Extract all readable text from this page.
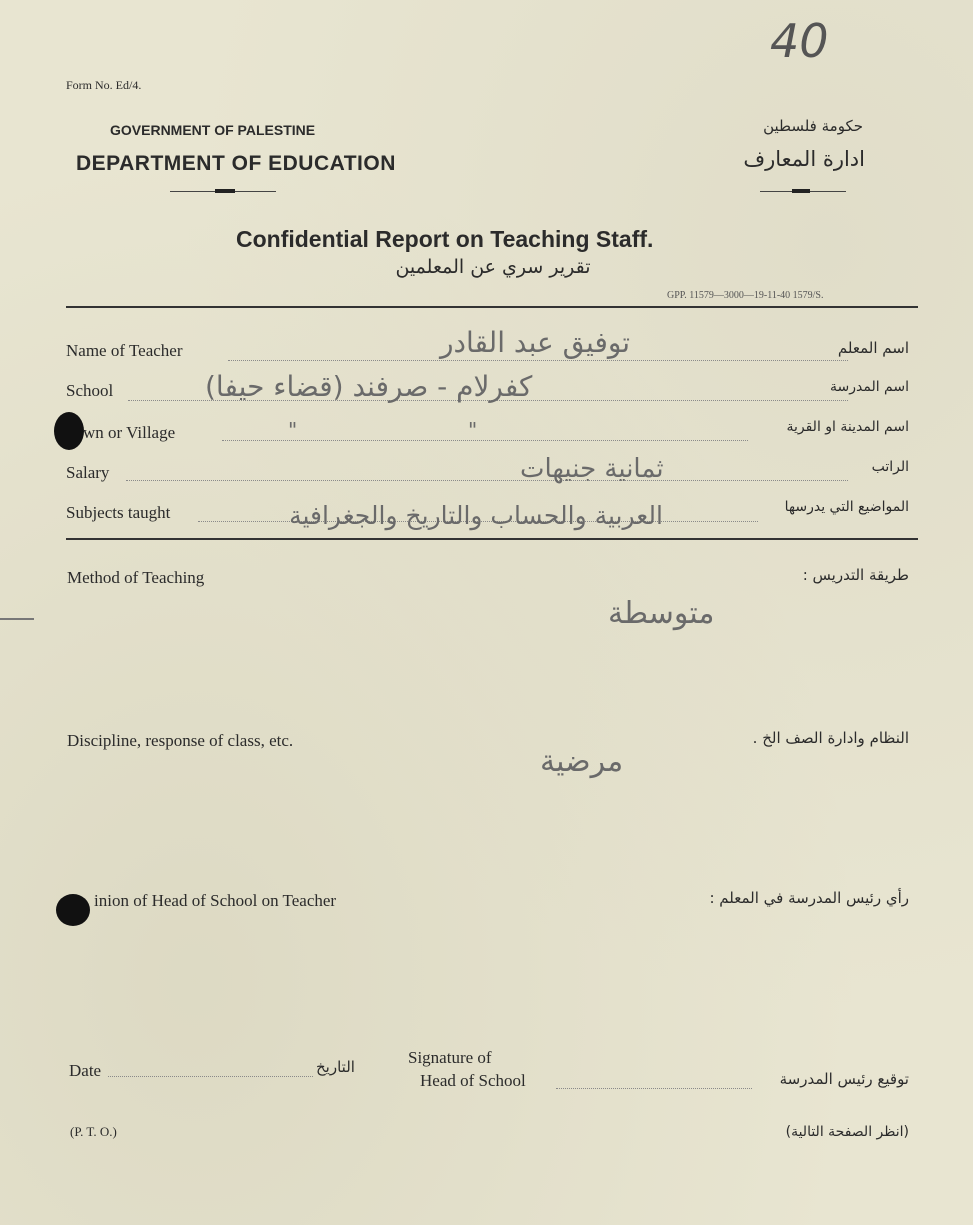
40
Form No. Ed/4.
GOVERNMENT OF PALESTINE
DEPARTMENT OF EDUCATION
حكومة فلسطين
ادارة المعارف
Confidential Report on Teaching Staff.
تقرير سري عن المعلمين
GPP. 11579—3000—19-11-40 1579/S.
Name of Teacher	توفيق عبد القادر	اسم المعلم
School	كفرلام - صرفند (قضاء حيفا)	اسم المدرسة
wn or Village	"	"	اسم المدينة او القرية
Salary	ثمانية جنيهات	الراتب
Subjects taught	العربية والحساب والتاريخ والجغرافية	المواضيع التي يدرسها
Method of Teaching	طريقة التدريس :
متوسطة
Discipline, response of class, etc.	النظام وادارة الصف الخ .
مرضية
inion of Head of School on Teacher	رأي رئيس المدرسة في المعلم :
Date	التاريخ	Signature of
Head of School	توقيع رئيس المدرسة
(P. T. O.)	(انظر الصفحة التالية)
